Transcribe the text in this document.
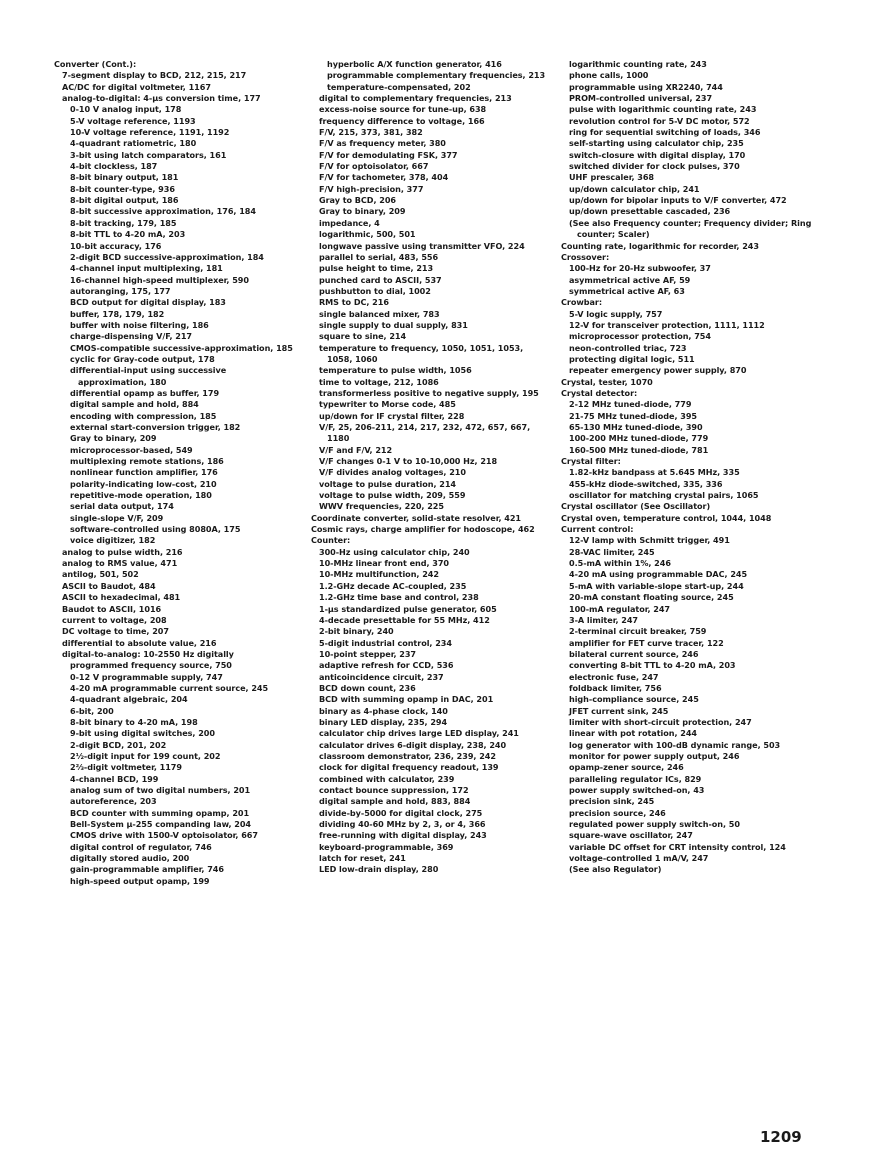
Converter (Cont.):
7-segment display to BCD, 212, 215, 217
AC/DC for digital voltmeter, 1167
analog-to-digital: 4-μs conversion time, 177
0-10 V analog input, 178
5-V voltage reference, 1193
10-V voltage reference, 1191, 1192
4-quadrant ratiometric, 180
3-bit using latch comparators, 161
4-bit clockless, 187
8-bit binary output, 181
8-bit counter-type, 936
8-bit digital output, 186
8-bit successive approximation, 176, 184
8-bit tracking, 179, 185
8-bit TTL to 4-20 mA, 203
10-bit accuracy, 176
2-digit BCD successive-approximation, 184
4-channel input multiplexing, 181
16-channel high-speed multiplexer, 590
autoranging, 175, 177
BCD output for digital display, 183
buffer, 178, 179, 182
buffer with noise filtering, 186
charge-dispensing V/F, 217
CMOS-compatible successive-approximation, 185
cyclic for Gray-code output, 178
differential-input using successive approximation, 180
differential opamp as buffer, 179
digital sample and hold, 884
encoding with compression, 185
external start-conversion trigger, 182
Gray to binary, 209
microprocessor-based, 549
multiplexing remote stations, 186
nonlinear function amplifier, 176
polarity-indicating low-cost, 210
repetitive-mode operation, 180
serial data output, 174
single-slope V/F, 209
software-controlled using 8080A, 175
voice digitizer, 182
analog to pulse width, 216
analog to RMS value, 471
antilog, 501, 502
ASCII to Baudot, 484
ASCII to hexadecimal, 481
Baudot to ASCII, 1016
current to voltage, 208
DC voltage to time, 207
differential to absolute value, 216
digital-to-analog: 10-2550 Hz digitally programmed frequency source, 750
0-12 V programmable supply, 747
4-20 mA programmable current source, 245
4-quadrant algebraic, 204
6-bit, 200
8-bit binary to 4-20 mA, 198
9-bit using digital switches, 200
2-digit BCD, 201, 202
2½-digit input for 199 count, 202
2⅔-digit voltmeter, 1179
4-channel BCD, 199
analog sum of two digital numbers, 201
autoreference, 203
BCD counter with summing opamp, 201
Bell-System μ-255 companding law, 204
CMOS drive with 1500-V optoisolator, 667
digital control of regulator, 746
digitally stored audio, 200
gain-programmable amplifier, 746
high-speed output opamp, 199
hyperbolic A/X function generator, 416
programmable complementary frequencies, 213
temperature-compensated, 202
digital to complementary frequencies, 213
excess-noise source for tune-up, 638
frequency difference to voltage, 166
F/V, 215, 373, 381, 382
F/V as frequency meter, 380
F/V for demodulating FSK, 377
F/V for optoisolator, 667
F/V for tachometer, 378, 404
F/V high-precision, 377
Gray to BCD, 206
Gray to binary, 209
impedance, 4
logarithmic, 500, 501
longwave passive using transmitter VFO, 224
parallel to serial, 483, 556
pulse height to time, 213
punched card to ASCII, 537
pushbutton to dial, 1002
RMS to DC, 216
single balanced mixer, 783
single supply to dual supply, 831
square to sine, 214
temperature to frequency, 1050, 1051, 1053, 1058, 1060
temperature to pulse width, 1056
time to voltage, 212, 1086
transformerless positive to negative supply, 195
typewriter to Morse code, 485
up/down for IF crystal filter, 228
V/F, 25, 206-211, 214, 217, 232, 472, 657, 667, 1180
V/F and F/V, 212
V/F changes 0-1 V to 10-10,000 Hz, 218
V/F divides analog voltages, 210
voltage to pulse duration, 214
voltage to pulse width, 209, 559
WWV frequencies, 220, 225
Coordinate converter, solid-state resolver, 421
Cosmic rays, charge amplifier for hodoscope, 462
Counter:
300-Hz using calculator chip, 240
10-MHz linear front end, 370
10-MHz multifunction, 242
1.2-GHz decade AC-coupled, 235
1.2-GHz time base and control, 238
1-μs standardized pulse generator, 605
4-decade presettable for 55 MHz, 412
2-bit binary, 240
5-digit industrial control, 234
10-point stepper, 237
adaptive refresh for CCD, 536
anticoincidence circuit, 237
BCD down count, 236
BCD with summing opamp in DAC, 201
binary as 4-phase clock, 140
binary LED display, 235, 294
calculator chip drives large LED display, 241
calculator drives 6-digit display, 238, 240
classroom demonstrator, 236, 239, 242
clock for digital frequency readout, 139
combined with calculator, 239
contact bounce suppression, 172
digital sample and hold, 883, 884
divide-by-5000 for digital clock, 275
dividing 40-60 MHz by 2, 3, or 4, 366
free-running with digital display, 243
keyboard-programmable, 369
latch for reset, 241
LED low-drain display, 280
logarithmic counting rate, 243
phone calls, 1000
programmable using XR2240, 744
PROM-controlled universal, 237
pulse with logarithmic counting rate, 243
revolution control for 5-V DC motor, 572
ring for sequential switching of loads, 346
self-starting using calculator chip, 235
switch-closure with digital display, 170
switched divider for clock pulses, 370
UHF prescaler, 368
up/down calculator chip, 241
up/down for bipolar inputs to V/F converter, 472
up/down presettable cascaded, 236
(See also Frequency counter; Frequency divider; Ring counter; Scaler)
Counting rate, logarithmic for recorder, 243
Crossover:
100-Hz for 20-Hz subwoofer, 37
asymmetrical active AF, 59
symmetrical active AF, 63
Crowbar:
5-V logic supply, 757
12-V for transceiver protection, 1111, 1112
microprocessor protection, 754
neon-controlled triac, 723
protecting digital logic, 511
repeater emergency power supply, 870
Crystal, tester, 1070
Crystal detector:
2-12 MHz tuned-diode, 779
21-75 MHz tuned-diode, 395
65-130 MHz tuned-diode, 390
100-200 MHz tuned-diode, 779
160-500 MHz tuned-diode, 781
Crystal filter:
1.82-kHz bandpass at 5.645 MHz, 335
455-kHz diode-switched, 335, 336
oscillator for matching crystal pairs, 1065
Crystal oscillator (See Oscillator)
Crystal oven, temperature control, 1044, 1048
Current control:
12-V lamp with Schmitt trigger, 491
28-VAC limiter, 245
0.5-mA within 1%, 246
4-20 mA using programmable DAC, 245
5-mA with variable-slope start-up, 244
20-mA constant floating source, 245
100-mA regulator, 247
3-A limiter, 247
2-terminal circuit breaker, 759
amplifier for FET curve tracer, 122
bilateral current source, 246
converting 8-bit TTL to 4-20 mA, 203
electronic fuse, 247
foldback limiter, 756
high-compliance source, 245
JFET current sink, 245
limiter with short-circuit protection, 247
linear with pot rotation, 244
log generator with 100-dB dynamic range, 503
monitor for power supply output, 246
opamp-zener source, 246
paralleling regulator ICs, 829
power supply switched-on, 43
precision sink, 245
precision source, 246
regulated power supply switch-on, 50
square-wave oscillator, 247
variable DC offset for CRT intensity control, 124
voltage-controlled 1 mA/V, 247
(See also Regulator)
1209
